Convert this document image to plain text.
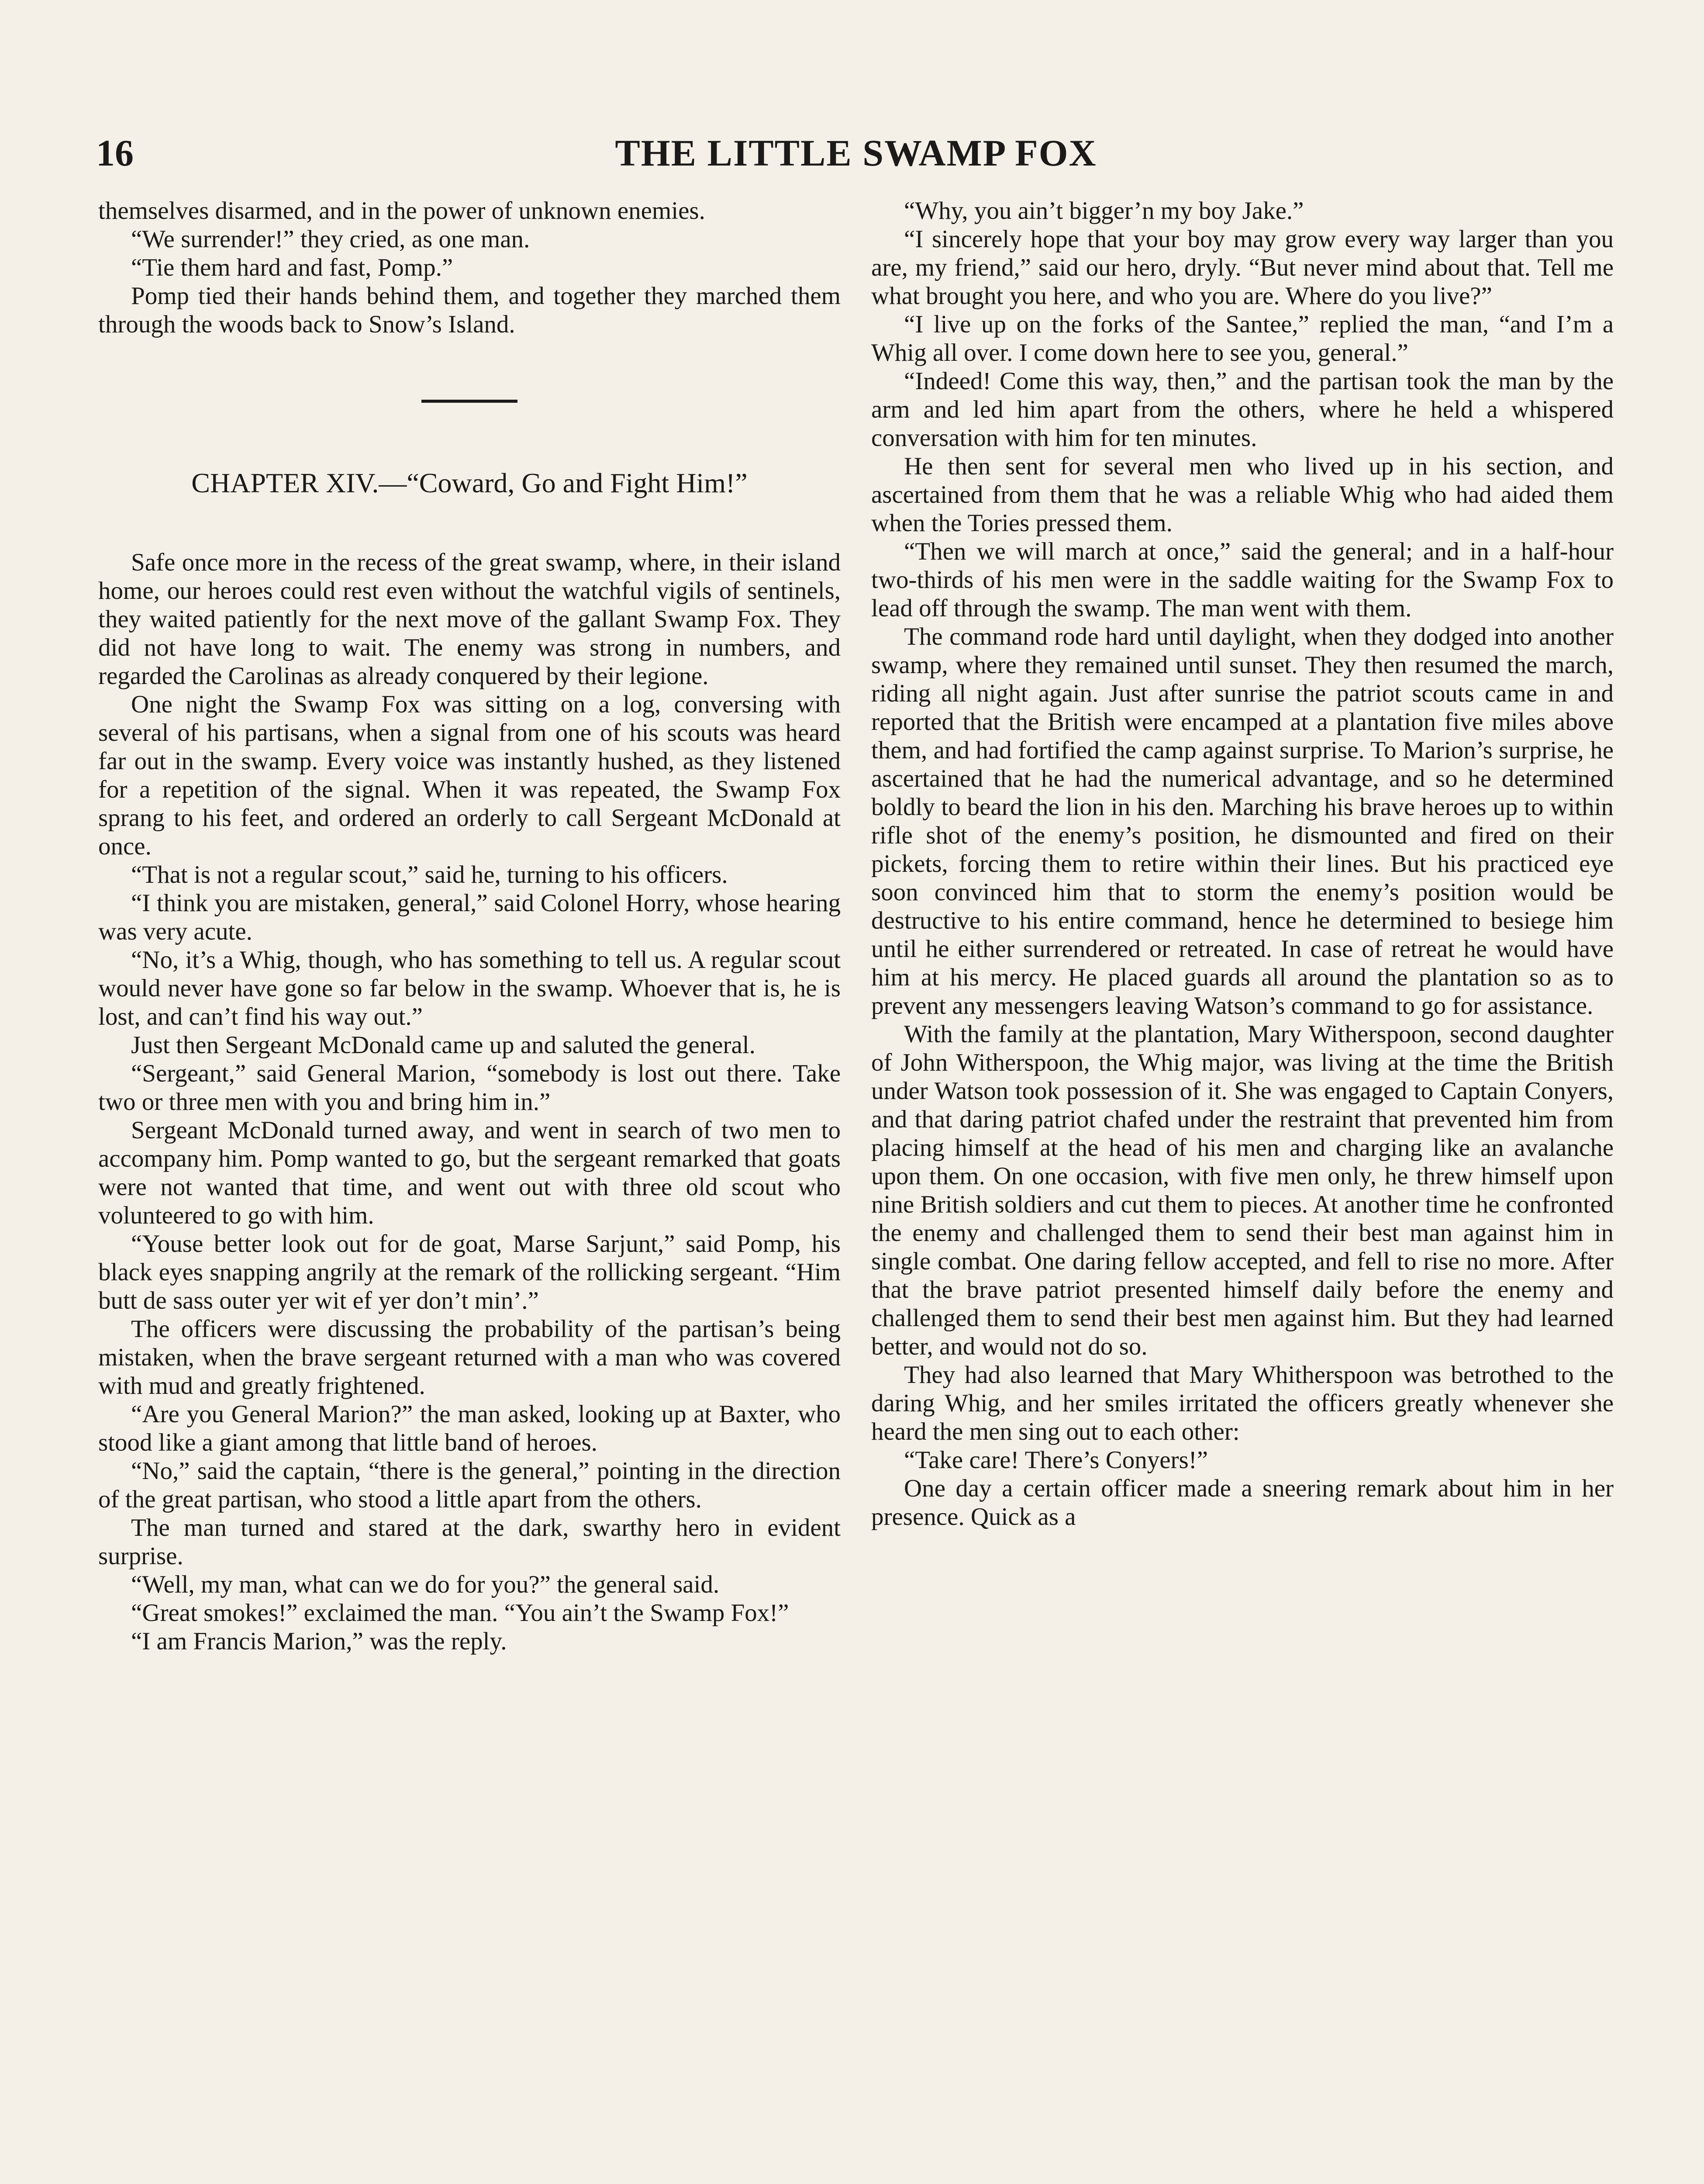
16	THE LITTLE SWAMP FOX

themselves disarmed, and in the power of unknown enemies.

“We surrender!” they cried, as one man.

“Tie them hard and fast, Pomp.”

Pomp tied their hands behind them, and together they marched them through the woods back to Snow’s Island.

CHAPTER XIV.—“Coward, Go and Fight Him!”

Safe once more in the recess of the great swamp, where, in their island home, our heroes could rest even without the watchful vigils of sentinels, they waited patiently for the next move of the gallant Swamp Fox. They did not have long to wait. The enemy was strong in numbers, and regarded the Carolinas as already conquered by their legione.

One night the Swamp Fox was sitting on a log, conversing with several of his partisans, when a signal from one of his scouts was heard far out in the swamp. Every voice was instantly hushed, as they listened for a repetition of the signal. When it was repeated, the Swamp Fox sprang to his feet, and ordered an orderly to call Sergeant McDonald at once.

“That is not a regular scout,” said he, turning to his officers.

“I think you are mistaken, general,” said Colonel Horry, whose hearing was very acute.

“No, it’s a Whig, though, who has something to tell us. A regular scout would never have gone so far below in the swamp. Whoever that is, he is lost, and can’t find his way out.”

Just then Sergeant McDonald came up and saluted the general.

“Sergeant,” said General Marion, “somebody is lost out there. Take two or three men with you and bring him in.”

Sergeant McDonald turned away, and went in search of two men to accompany him. Pomp wanted to go, but the sergeant remarked that goats were not wanted that time, and went out with three old scout who volunteered to go with him.

“Youse better look out for de goat, Marse Sarjunt,” said Pomp, his black eyes snapping angrily at the remark of the rollicking sergeant. “Him butt de sass outer yer wit ef yer don’t min’.”

The officers were discussing the probability of the partisan’s being mistaken, when the brave sergeant returned with a man who was covered with mud and greatly frightened.

“Are you General Marion?” the man asked, looking up at Baxter, who stood like a giant among that little band of heroes.

“No,” said the captain, “there is the general,” pointing in the direction of the great partisan, who stood a little apart from the others.

The man turned and stared at the dark, swarthy hero in evident surprise.

“Well, my man, what can we do for you?” the general said.

“Great smokes!” exclaimed the man. “You ain’t the Swamp Fox!”

“I am Francis Marion,” was the reply.

“Why, you ain’t bigger’n my boy Jake.”

“I sincerely hope that your boy may grow every way larger than you are, my friend,” said our hero, dryly. “But never mind about that. Tell me what brought you here, and who you are. Where do you live?”

“I live up on the forks of the Santee,” replied the man, “and I’m a Whig all over. I come down here to see you, general.”

“Indeed! Come this way, then,” and the partisan took the man by the arm and led him apart from the others, where he held a whispered conversation with him for ten minutes.

He then sent for several men who lived up in his section, and ascertained from them that he was a reliable Whig who had aided them when the Tories pressed them.

“Then we will march at once,” said the general; and in a half-hour two-thirds of his men were in the saddle waiting for the Swamp Fox to lead off through the swamp. The man went with them.

The command rode hard until daylight, when they dodged into another swamp, where they remained until sunset. They then resumed the march, riding all night again. Just after sunrise the patriot scouts came in and reported that the British were encamped at a plantation five miles above them, and had fortified the camp against surprise. To Marion’s surprise, he ascertained that he had the numerical advantage, and so he determined boldly to beard the lion in his den. Marching his brave heroes up to within rifle shot of the enemy’s position, he dismounted and fired on their pickets, forcing them to retire within their lines. But his practiced eye soon convinced him that to storm the enemy’s position would be destructive to his entire command, hence he determined to besiege him until he either surrendered or retreated. In case of retreat he would have him at his mercy. He placed guards all around the plantation so as to prevent any messengers leaving Watson’s command to go for assistance.

With the family at the plantation, Mary Witherspoon, second daughter of John Witherspoon, the Whig major, was living at the time the British under Watson took possession of it. She was engaged to Captain Conyers, and that daring patriot chafed under the restraint that prevented him from placing himself at the head of his men and charging like an avalanche upon them. On one occasion, with five men only, he threw himself upon nine British soldiers and cut them to pieces. At another time he confronted the enemy and challenged them to send their best man against him in single combat. One daring fellow accepted, and fell to rise no more. After that the brave patriot presented himself daily before the enemy and challenged them to send their best men against him. But they had learned better, and would not do so.

They had also learned that Mary Whitherspoon was betrothed to the daring Whig, and her smiles irritated the officers greatly whenever she heard the men sing out to each other:

“Take care! There’s Conyers!”

One day a certain officer made a sneering remark about him in her presence. Quick as a
